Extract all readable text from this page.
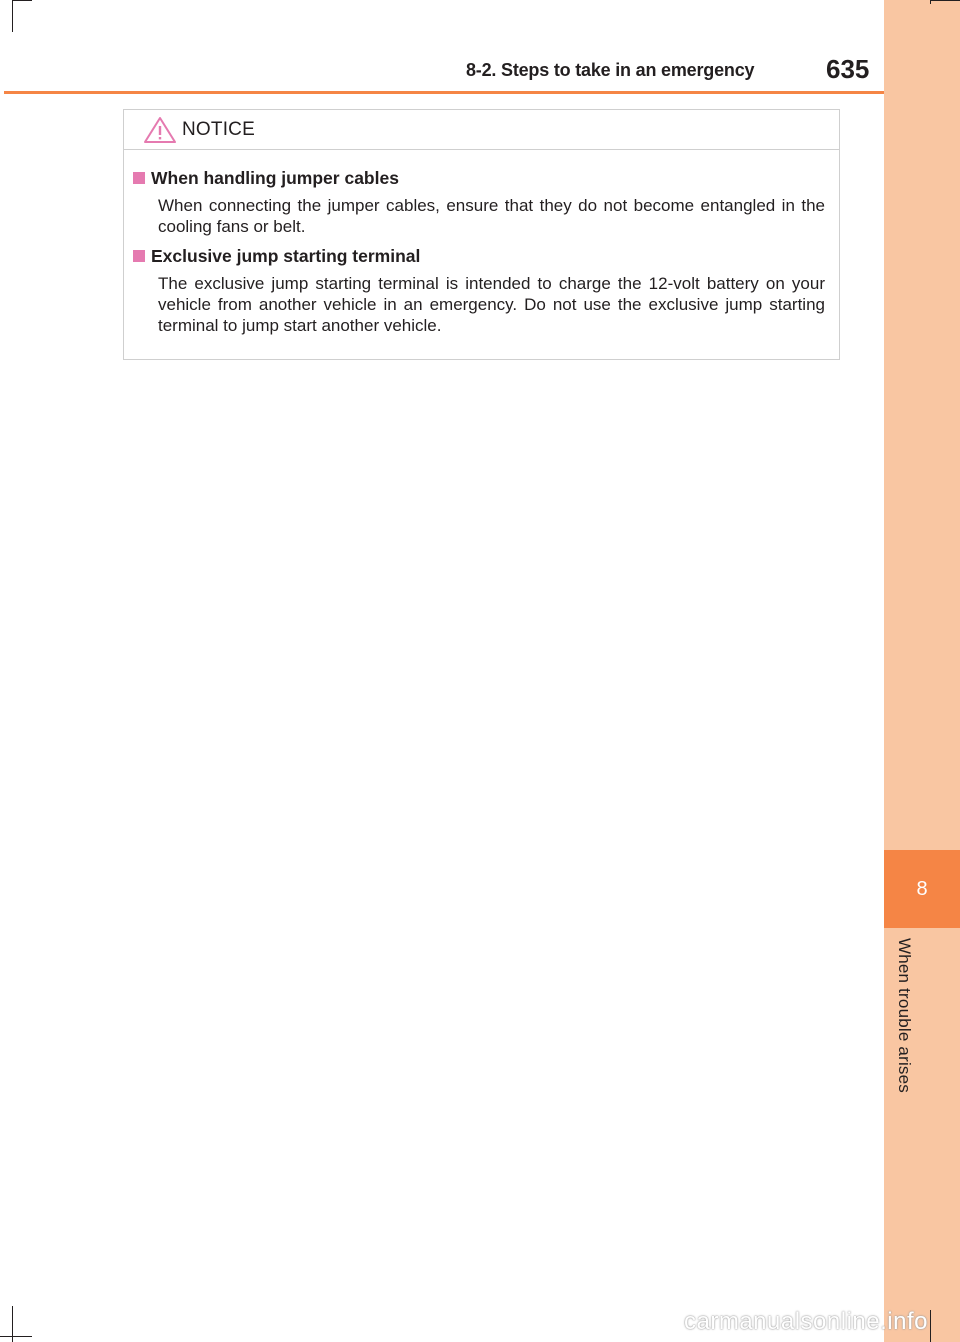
8
When trouble arises
8-2. Steps to take in an emergency	635
NOTICE
When handling jumper cables
When connecting the jumper cables, ensure that they do not become entangled in the cooling fans or belt.
Exclusive jump starting terminal
The exclusive jump starting terminal is intended to charge the 12-volt battery on your vehicle from another vehicle in an emergency. Do not use the exclusive jump starting terminal to jump start another vehicle.
carmanualsonline.info
